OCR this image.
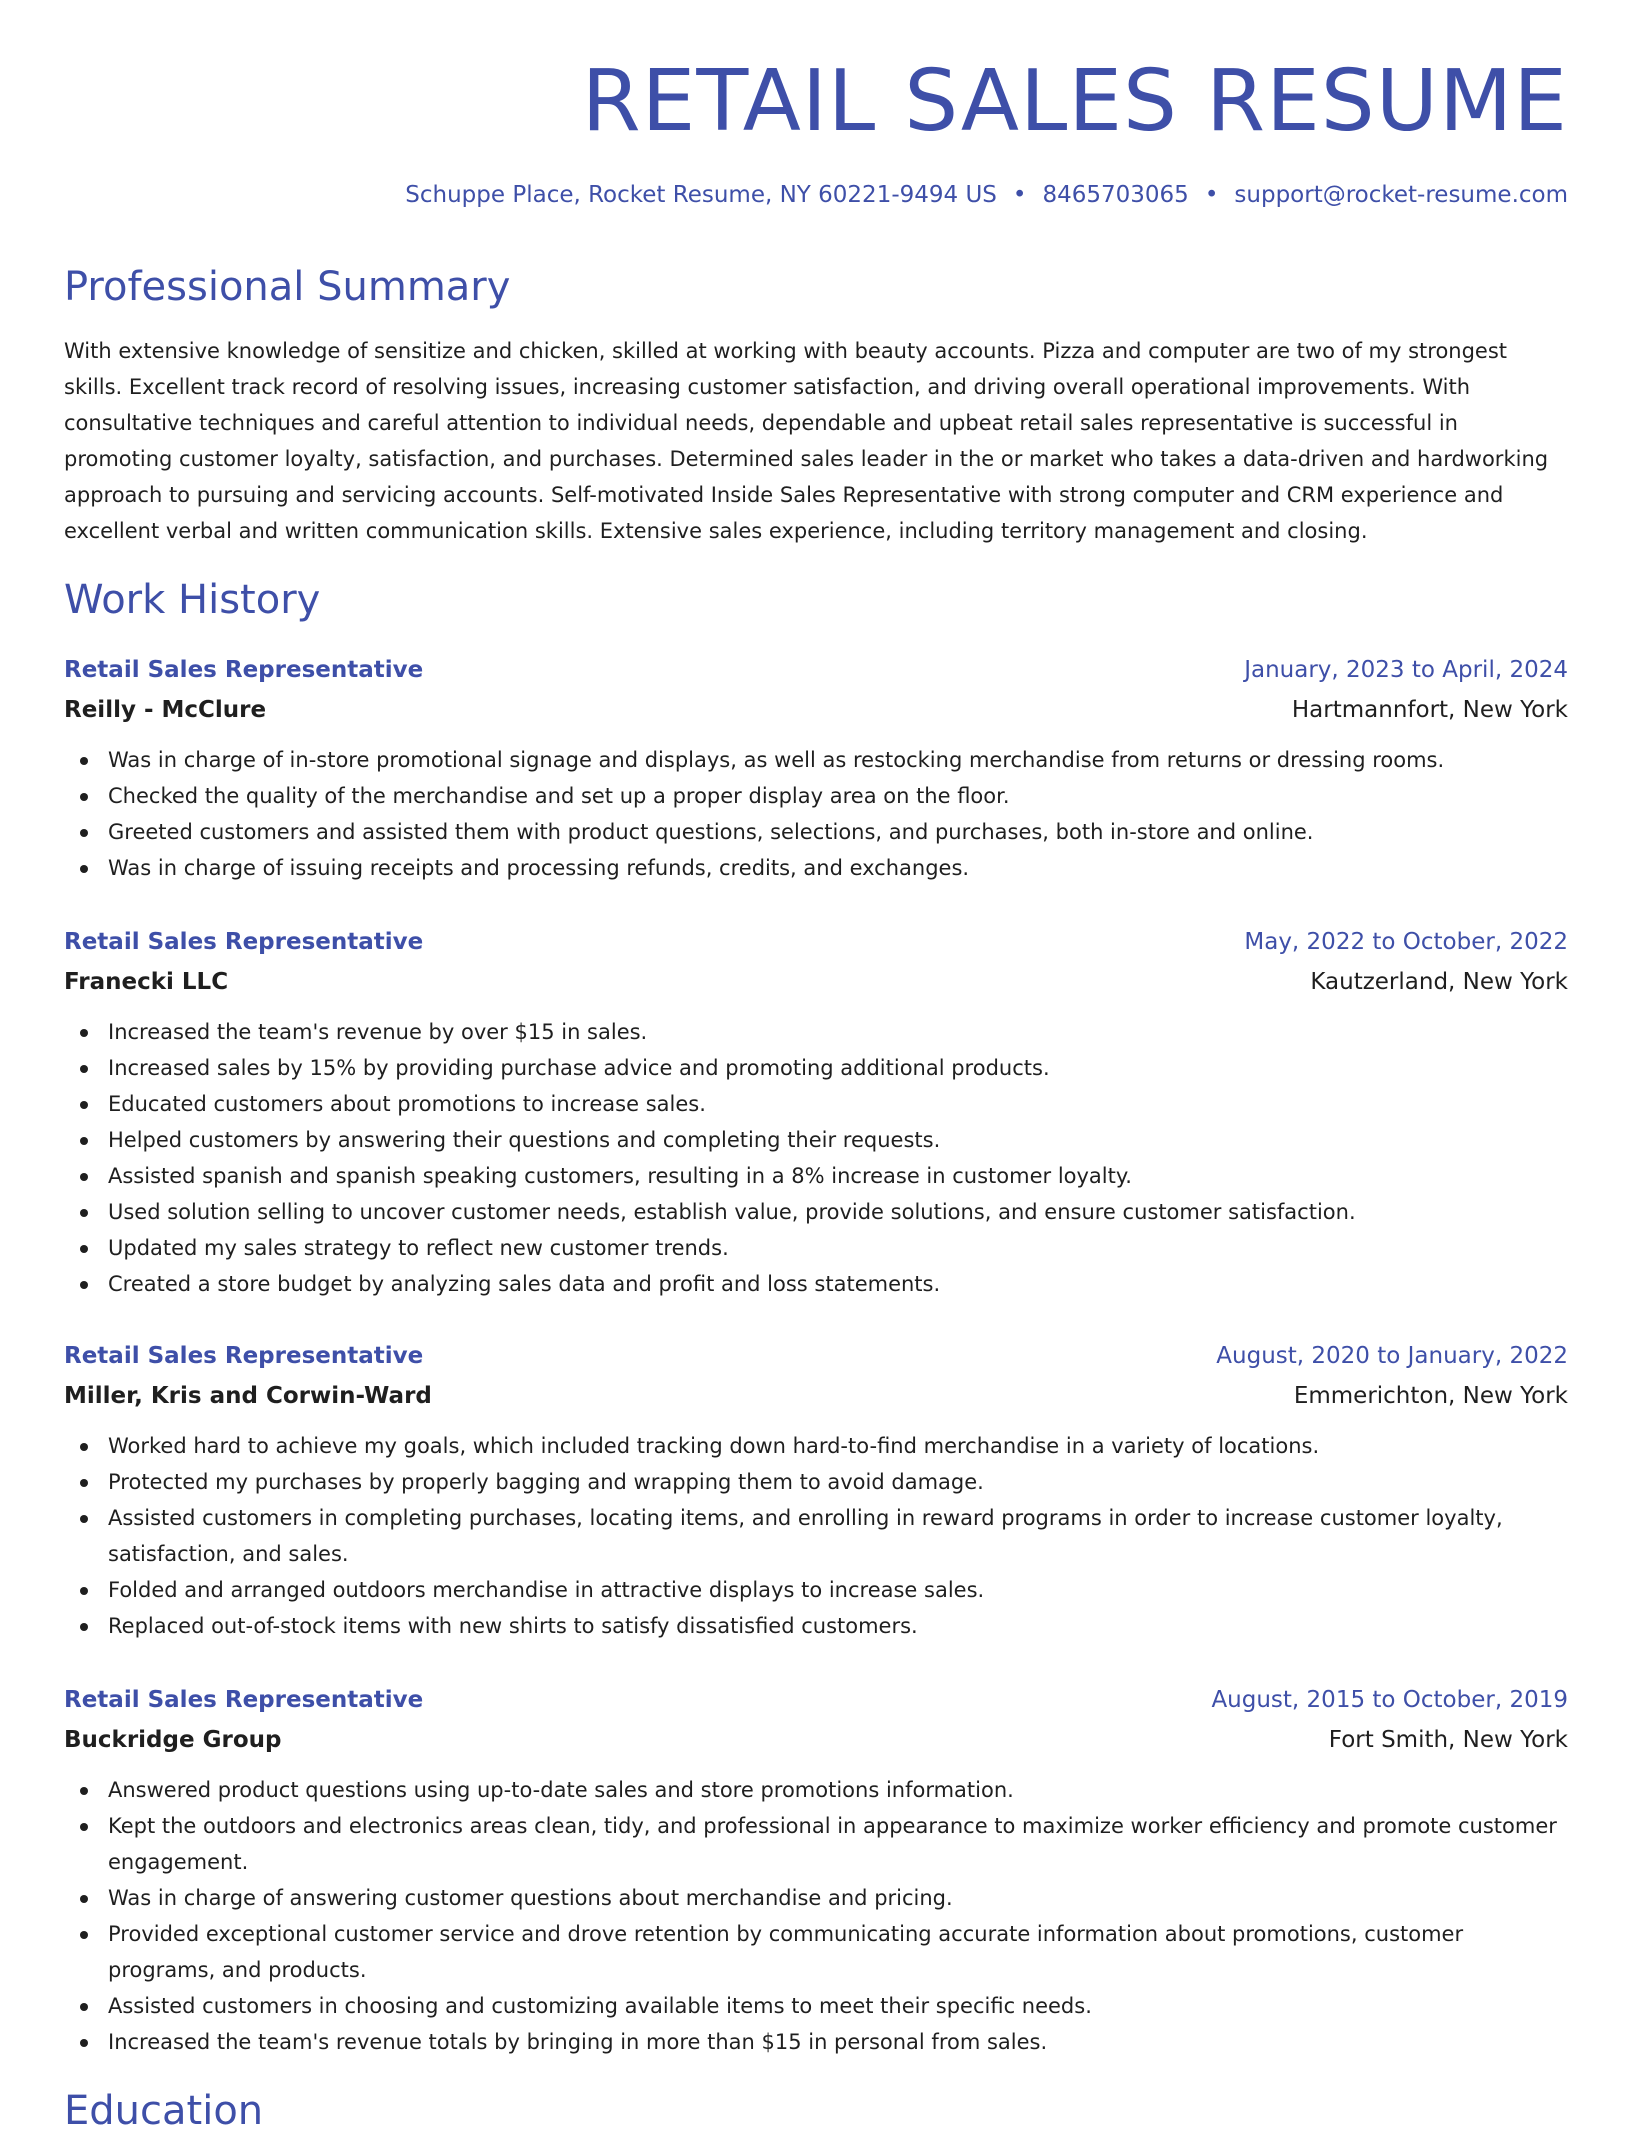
RETAIL SALES RESUME
Schuppe Place, Rocket Resume, NY 60221-9494 US • 8465703065 • support@rocket-resume.com
Professional Summary

With extensive knowledge of sensitize and chicken, skilled at working with beauty accounts. Pizza and computer are two of my strongest skills. Excellent track record of resolving issues, increasing customer satisfaction, and driving overall operational improvements. With consultative techniques and careful attention to individual needs, dependable and upbeat retail sales representative is successful in promoting customer loyalty, satisfaction, and purchases. Determined sales leader in the or market who takes a data-driven and hardworking approach to pursuing and servicing accounts. Self-motivated Inside Sales Representative with strong computer and CRM experience and excellent verbal and written communication skills. Extensive sales experience, including territory management and closing.

Work History
Retail Sales Representative	January, 2023 to April, 2024
Reilly - McClure	Hartmannfort, New York
Was in charge of in-store promotional signage and displays, as well as restocking merchandise from returns or dressing rooms.
Checked the quality of the merchandise and set up a proper display area on the floor.
Greeted customers and assisted them with product questions, selections, and purchases, both in-store and online.
Was in charge of issuing receipts and processing refunds, credits, and exchanges.
Retail Sales Representative	May, 2022 to October, 2022
Franecki LLC	Kautzerland, New York
Increased the team's revenue by over $15 in sales.
Increased sales by 15% by providing purchase advice and promoting additional products.
Educated customers about promotions to increase sales.
Helped customers by answering their questions and completing their requests.
Assisted spanish and spanish speaking customers, resulting in a 8% increase in customer loyalty.
Used solution selling to uncover customer needs, establish value, provide solutions, and ensure customer satisfaction.
Updated my sales strategy to reflect new customer trends.
Created a store budget by analyzing sales data and profit and loss statements.
Retail Sales Representative	August, 2020 to January, 2022
Miller, Kris and Corwin-Ward	Emmerichton, New York
Worked hard to achieve my goals, which included tracking down hard-to-find merchandise in a variety of locations.
Protected my purchases by properly bagging and wrapping them to avoid damage.
Assisted customers in completing purchases, locating items, and enrolling in reward programs in order to increase customer loyalty, satisfaction, and sales.
Folded and arranged outdoors merchandise in attractive displays to increase sales.
Replaced out-of-stock items with new shirts to satisfy dissatisfied customers.
Retail Sales Representative	August, 2015 to October, 2019
Buckridge Group	Fort Smith, New York
Answered product questions using up-to-date sales and store promotions information.
Kept the outdoors and electronics areas clean, tidy, and professional in appearance to maximize worker efficiency and promote customer engagement.
Was in charge of answering customer questions about merchandise and pricing.
Provided exceptional customer service and drove retention by communicating accurate information about promotions, customer programs, and products.
Assisted customers in choosing and customizing available items to meet their specific needs.
Increased the team's revenue totals by bringing in more than $15 in personal from sales.
Education
